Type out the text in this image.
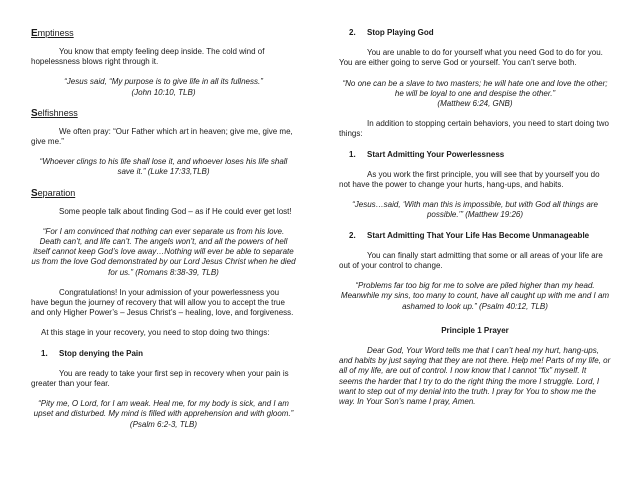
Emptiness

You know that empty feeling deep inside. The cold wind of hopelessness blows right through it.

“Jesus said, “My purpose is to give life in all its fullness.”
(John 10:10, TLB)

Selfishness

We often pray: “Our Father which art in heaven; give me, give me, give me.”

“Whoever clings to his life shall lose it, and whoever loses his life shall save it.” (Luke 17:33,TLB)

Separation

Some people talk about finding God – as if He could ever get lost!

“For I am convinced that nothing can ever separate us from his love. Death can’t, and life can’t. The angels won’t, and all the powers of hell itself cannot keep God’s love away…Nothing will ever be able to separate us from the love God demonstrated by our Lord Jesus Christ when he died for us.” (Romans 8:38-39, TLB)

Congratulations! In your admission of your powerlessness you have begun the journey of recovery that will allow you to accept the true and only Higher Power’s – Jesus Christ’s – healing, love, and forgiveness.

At this stage in your recovery, you need to stop doing two things:

1. Stop denying the Pain

You are ready to take your first sep in recovery when your pain is greater than your fear.

“Pity me, O Lord, for I am weak. Heal me, for my body is sick, and I am upset and disturbed. My mind is filled with apprehension and with gloom.” (Psalm 6:2-3, TLB)

2. Stop Playing God

You are unable to do for yourself what you need God to do for you. You are either going to serve God or yourself. You can’t serve both.

“No one can be a slave to two masters; he will hate one and love the other; he will be loyal to one and despise the other.”
(Matthew 6:24, GNB)

In addition to stopping certain behaviors, you need to start doing two things:

1. Start Admitting Your Powerlessness

As you work the first principle, you will see that by yourself you do not have the power to change your hurts, hang-ups, and habits.

“Jesus…said, ‘With man this is impossible, but with God all things are possible.’” (Matthew 19:26)

2. Start Admitting That Your Life Has Become Unmanageable

You can finally start admitting that some or all areas of your life are out of your control to change.

“Problems far too big for me to solve are piled higher than my head. Meanwhile my sins, too many to count, have all caught up with me and I am ashamed to look up.” (Psalm 40:12, TLB)

Principle 1 Prayer

Dear God, Your Word tells me that I can’t heal my hurt, hang-ups, and habits by just saying that they are not there. Help me! Parts of my life, or all of my life, are out of control. I now know that I cannot “fix” myself. It seems the harder that I try to do the right thing the more I struggle. Lord, I want to step out of my denial into the truth. I pray for You to show me the way. In Your Son’s name I pray, Amen.
